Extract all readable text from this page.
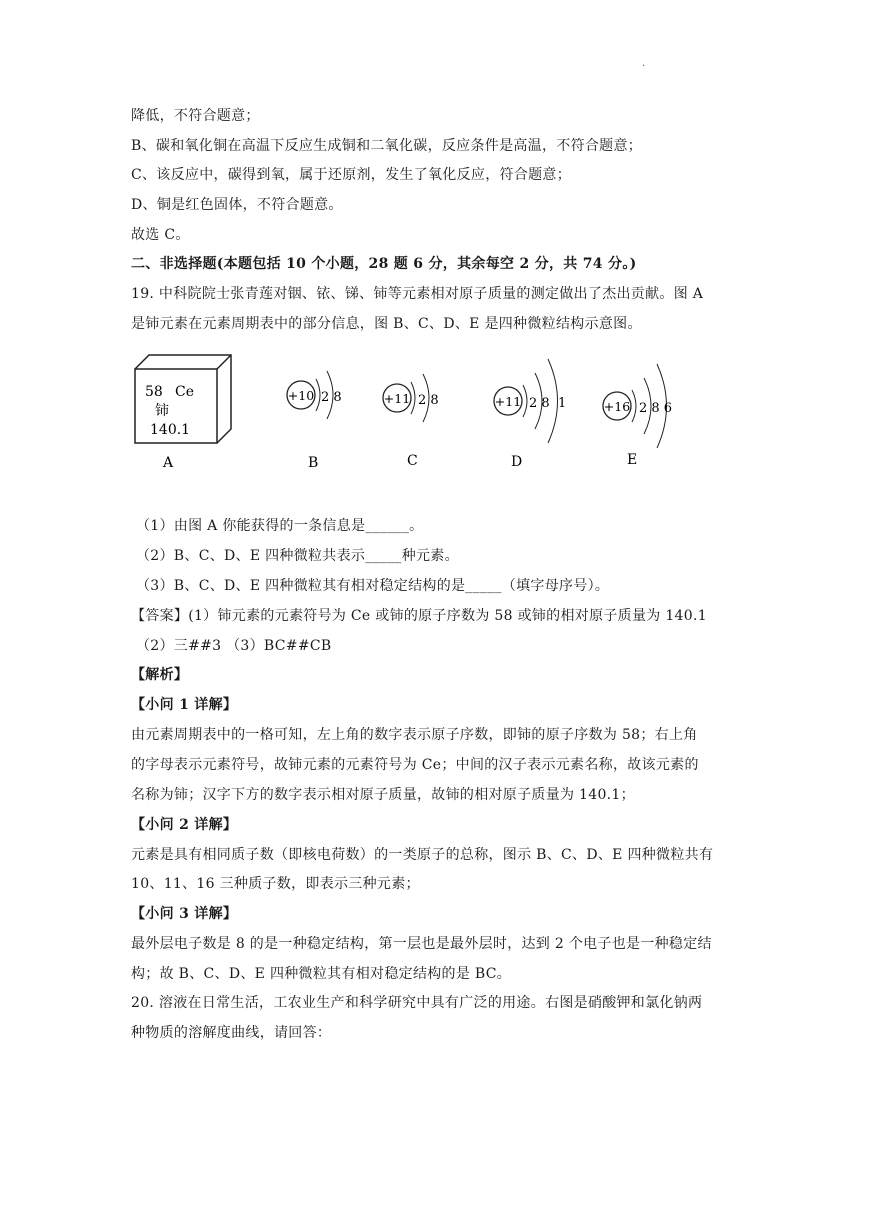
.
降低，不符合题意；
B、碳和氧化铜在高温下反应生成铜和二氧化碳，反应条件是高温，不符合题意；
C、该反应中，碳得到氧，属于还原剂，发生了氧化反应，符合题意；
D、铜是红色固体，不符合题意。
故选 C。
二、非选择题(本题包括 10 个小题，28 题 6 分，其余每空 2 分，共 74 分。)
19. 中科院院士张青莲对铟、铱、锑、铈等元素相对原子质量的测定做出了杰出贡献。图 A
是铈元素在元素周期表中的部分信息，图 B、C、D、E 是四种微粒结构示意图。
58 Ce
铈
140.1
A
+10 2 8
B
+11 2 8
C
+11 2 8  1
D
+16 2 8 6
E
（1）由图 A 你能获得的一条信息是______。
（2）B、C、D、E 四种微粒共表示_____种元素。
（3）B、C、D、E 四种微粒其有相对稳定结构的是_____（填字母序号）。
【答案】(1）铈元素的元素符号为 Ce 或铈的原子序数为 58 或铈的相对原子质量为 140.1
（2）三##3 （3）BC##CB
【解析】
【小问 1 详解】
由元素周期表中的一格可知，左上角的数字表示原子序数，即铈的原子序数为 58；右上角
的字母表示元素符号，故铈元素的元素符号为 Ce；中间的汉子表示元素名称，故该元素的
名称为铈；汉字下方的数字表示相对原子质量，故铈的相对原子质量为 140.1；
【小问 2 详解】
元素是具有相同质子数（即核电荷数）的一类原子的总称，图示 B、C、D、E 四种微粒共有
10、11、16 三种质子数，即表示三种元素；
【小问 3 详解】
最外层电子数是 8 的是一种稳定结构，第一层也是最外层时，达到 2 个电子也是一种稳定结
构；故 B、C、D、E 四种微粒其有相对稳定结构的是 BC。
20. 溶液在日常生活，工农业生产和科学研究中具有广泛的用途。右图是硝酸钾和氯化钠两
种物质的溶解度曲线，请回答：
